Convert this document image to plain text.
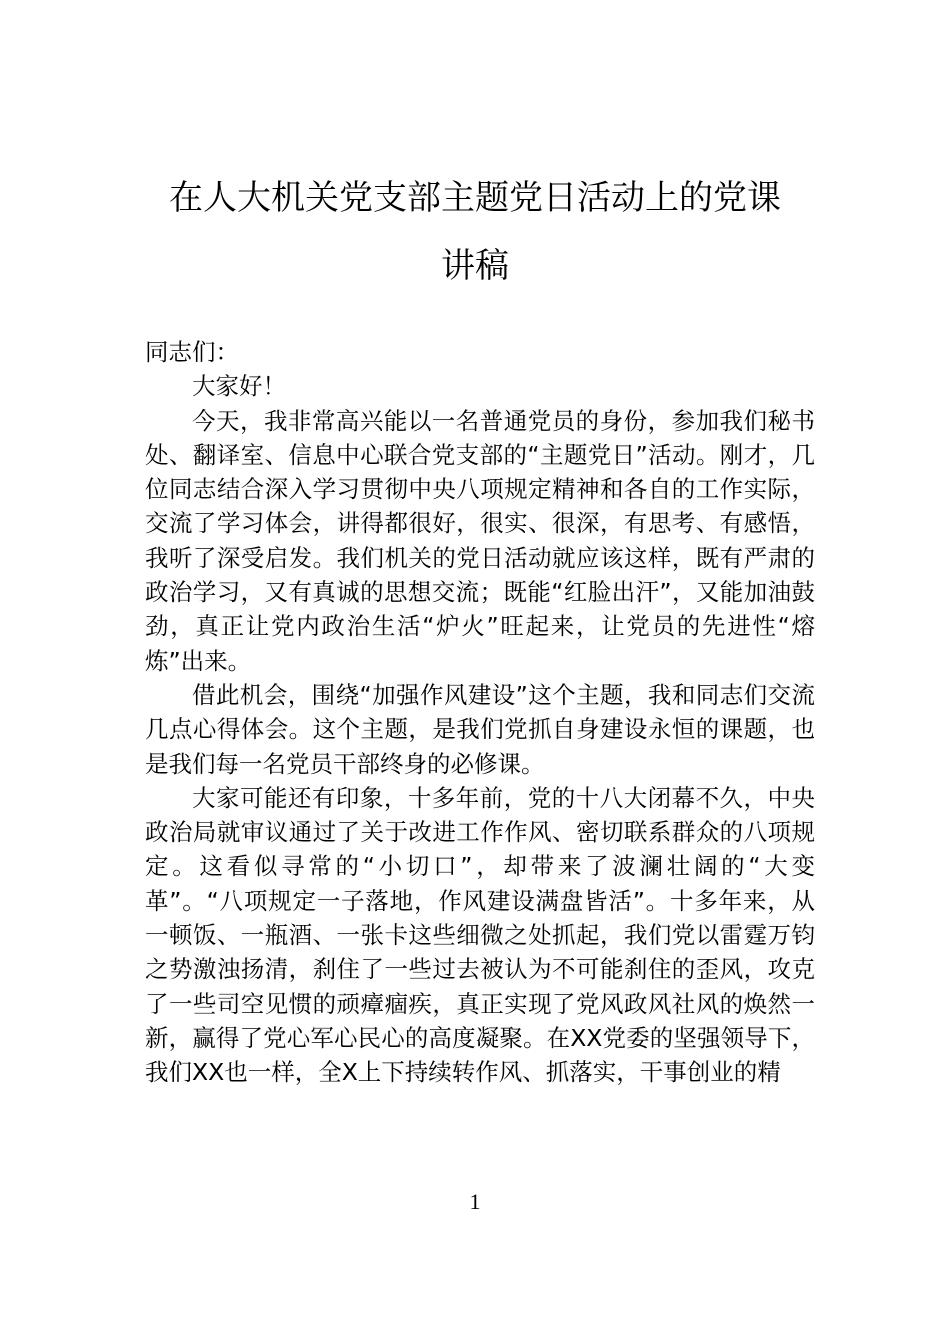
在人大机关党支部主题党日活动上的党课
讲稿

同志们：

大家好！

今天，我非常高兴能以一名普通党员的身份，参加我们秘书处、翻译室、信息中心联合党支部的“主题党日”活动。刚才，几位同志结合深入学习贯彻中央八项规定精神和各自的工作实际，交流了学习体会，讲得都很好，很实、很深，有思考、有感悟，我听了深受启发。我们机关的党日活动就应该这样，既有严肃的政治学习，又有真诚的思想交流；既能“红脸出汗”，又能加油鼓劲，真正让党内政治生活“炉火”旺起来，让党员的先进性“熔炼”出来。

借此机会，围绕“加强作风建设”这个主题，我和同志们交流几点心得体会。这个主题，是我们党抓自身建设永恒的课题，也是我们每一名党员干部终身的必修课。

大家可能还有印象，十多年前，党的十八大闭幕不久，中央政治局就审议通过了关于改进工作作风、密切联系群众的八项规定。这看似寻常的“小切口”，却带来了波澜壮阔的“大变革”。“八项规定一子落地，作风建设满盘皆活”。十多年来，从一顿饭、一瓶酒、一张卡这些细微之处抓起，我们党以雷霆万钧之势激浊扬清，刹住了一些过去被认为不可能刹住的歪风，攻克了一些司空见惯的顽瘴痼疾，真正实现了党风政风社风的焕然一新，赢得了党心军心民心的高度凝聚。在XX党委的坚强领导下，我们XX也一样，全X上下持续转作风、抓落实，干事创业的精

1
